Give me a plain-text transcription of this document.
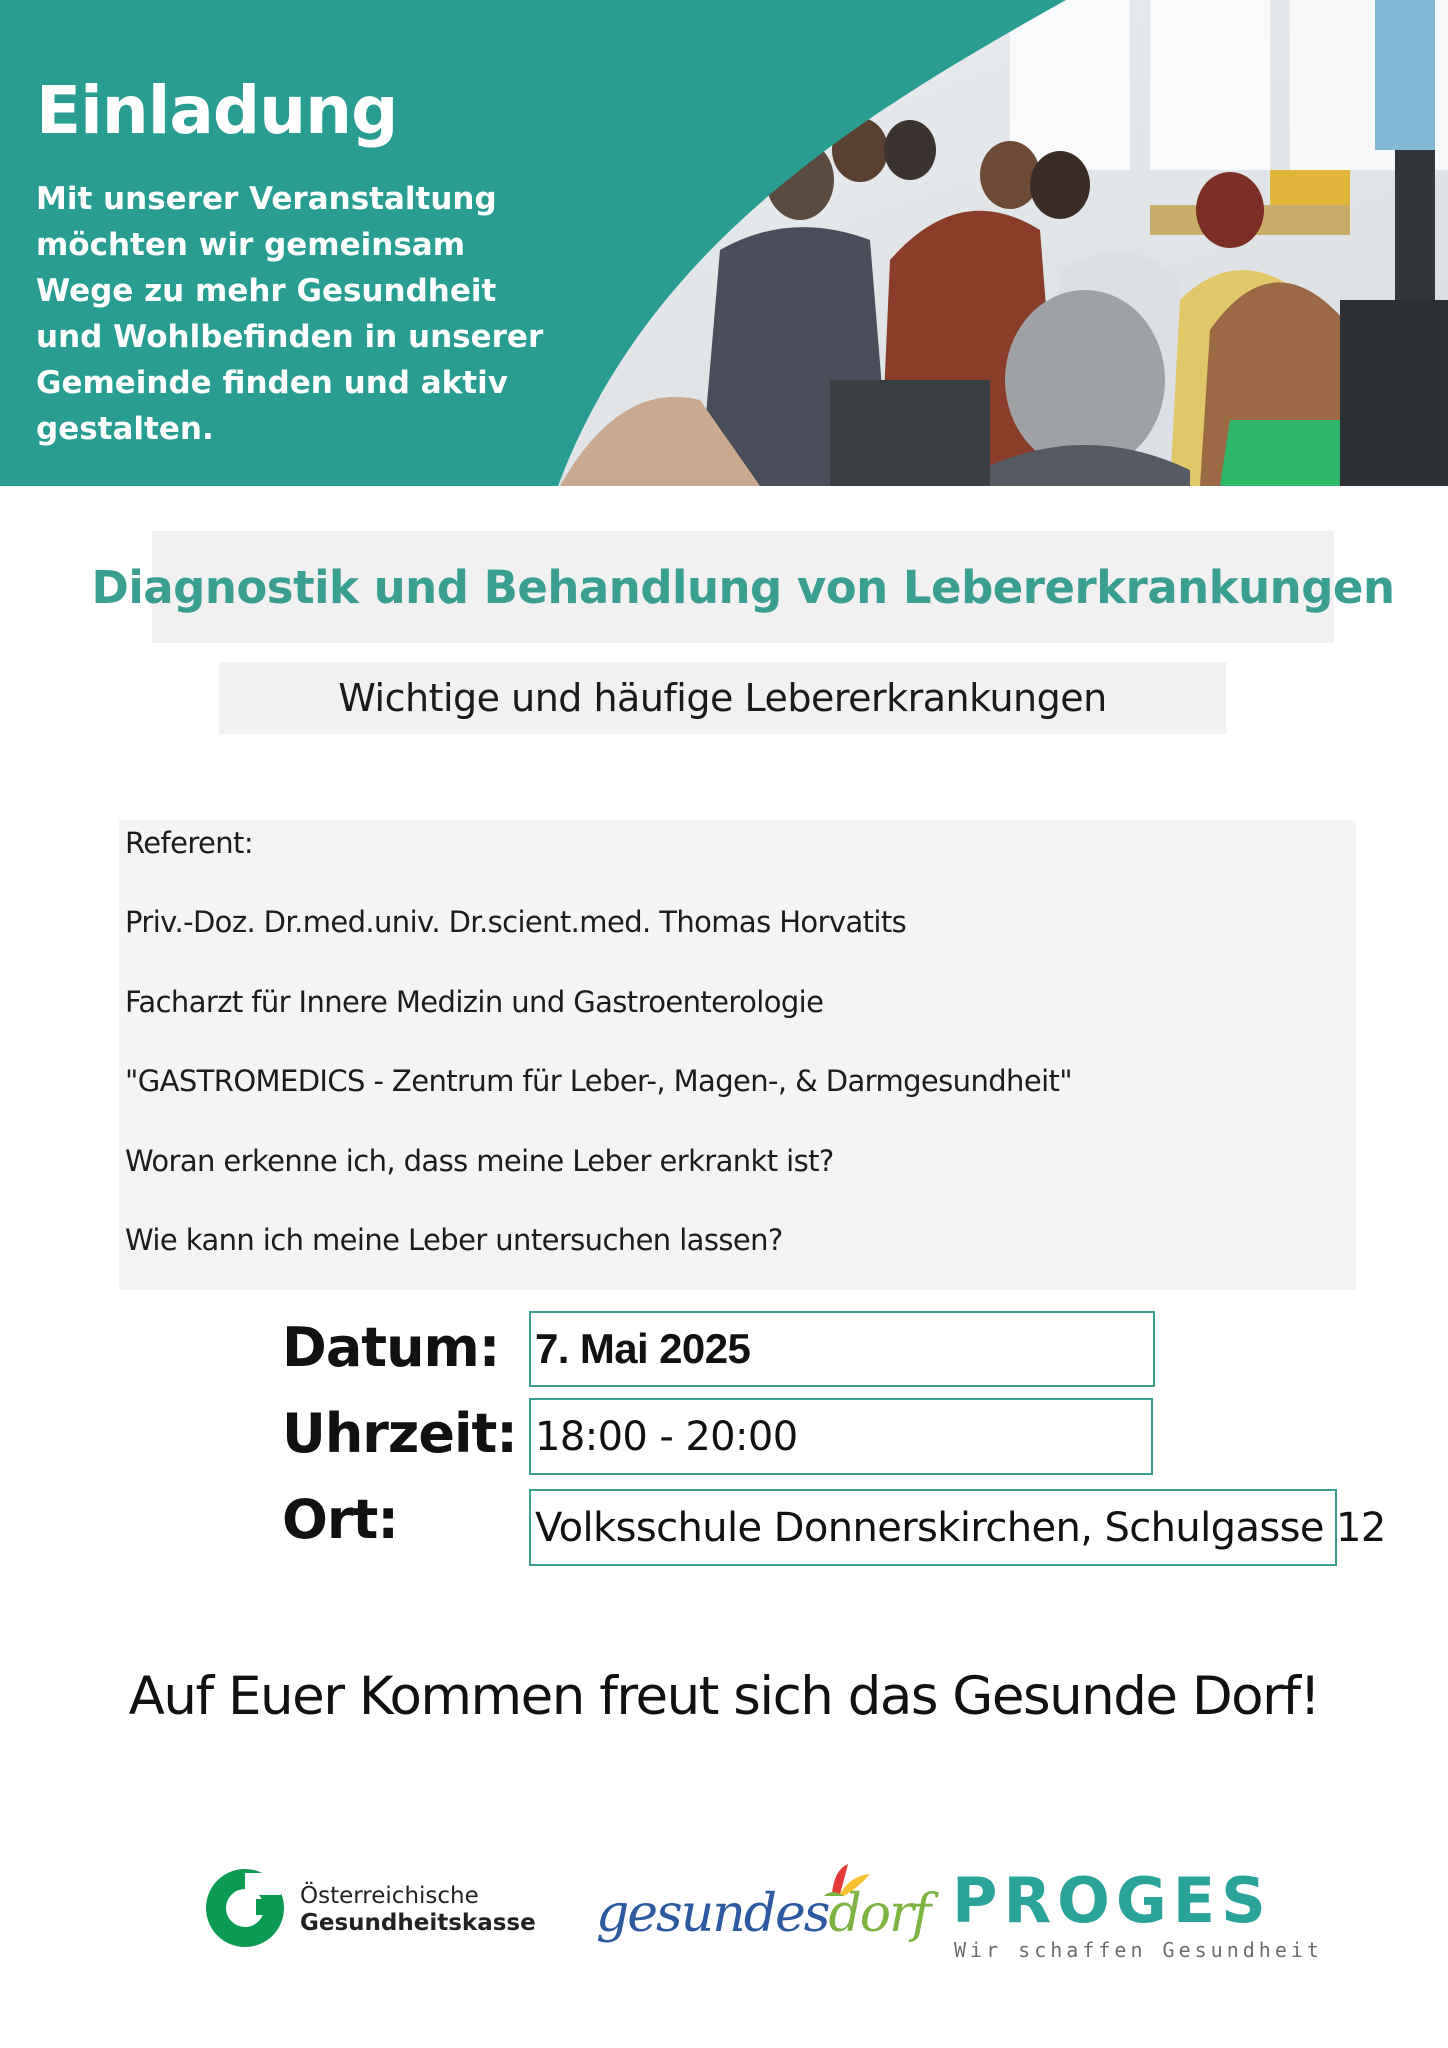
Einladung

Mit unserer Veranstaltung
möchten wir gemeinsam
Wege zu mehr Gesundheit
und Wohlbefinden in unserer
Gemeinde finden und aktiv
gestalten.

Diagnostik und Behandlung von Lebererkrankungen
Wichtige und häufige Lebererkrankungen
Referent:
Priv.-Doz. Dr.med.univ. Dr.scient.med. Thomas Horvatits
Facharzt für Innere Medizin und Gastroenterologie
"GASTROMEDICS - Zentrum für Leber-, Magen-, & Darmgesundheit"
Woran erkenne ich, dass meine Leber erkrankt ist?
Wie kann ich meine Leber untersuchen lassen?
Datum: 7. Mai 2025
Uhrzeit: 18:00 - 20:00
Ort:	Volksschule Donnerskirchen, Schulgasse 12
Auf Euer Kommen freut sich das Gesunde Dorf!
Österreichische
Gesundheitskasse gesundesdorf PROGES
Wir schaffen Gesundheit
